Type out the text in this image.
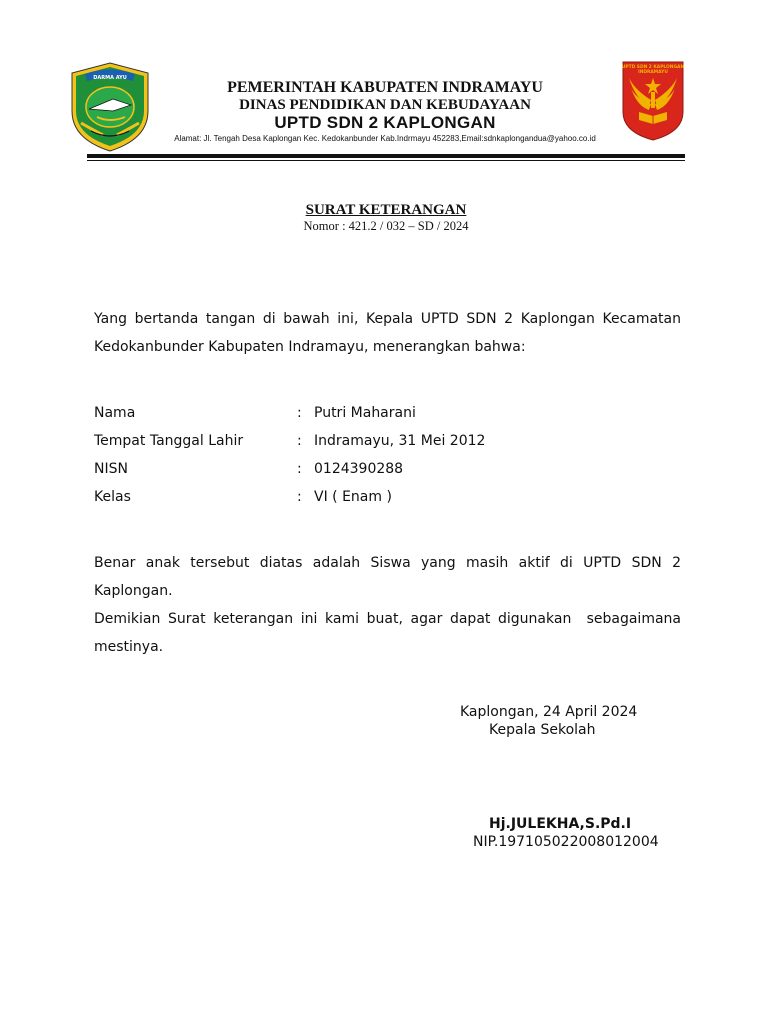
DARMA AYU
PEMERINTAH KABUPATEN INDRAMAYU
DINAS PENDIDIKAN DAN KEBUDAYAAN
UPTD SDN 2 KAPLONGAN
Alamat: Jl. Tengah Desa Kaplongan Kec. Kedokanbunder Kab.Indrmayu 452283,Email:sdnkaplongandua@yahoo.co.id
UPTD SDN 2 KAPLONGAN
INDRAMAYU
SURAT KETERANGAN
Nomor : 421.2 / 032 – SD / 2024
Yang bertanda tangan di bawah ini, Kepala UPTD SDN 2 Kaplongan Kecamatan
Kedokanbunder Kabupaten Indramayu, menerangkan bahwa:
Nama	: Putri Maharani
Tempat Tanggal Lahir	: Indramayu, 31 Mei 2012
NISN	: 0124390288
Kelas	: VI ( Enam )
Benar anak tersebut diatas adalah Siswa yang masih aktif di UPTD SDN 2
Kaplongan.
Demikian Surat keterangan ini kami buat, agar dapat digunakan  sebagaimana
mestinya.
Kaplongan, 24 April 2024
Kepala Sekolah
Hj.JULEKHA,S.Pd.I
NIP.197105022008012004
